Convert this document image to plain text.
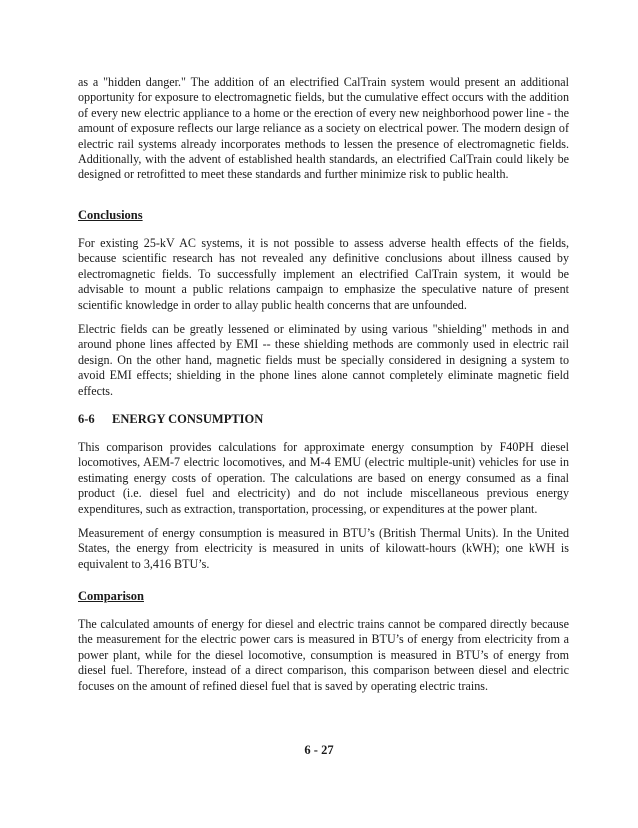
as a "hidden danger." The addition of an electrified CalTrain system would present an additional opportunity for exposure to electromagnetic fields, but the cumulative effect occurs with the addition of every new electric appliance to a home or the erection of every new neighborhood power line - the amount of exposure reflects our large reliance as a society on electrical power. The modern design of electric rail systems already incorporates methods to lessen the presence of electromagnetic fields. Additionally, with the advent of established health standards, an electrified CalTrain could likely be designed or retrofitted to meet these standards and further minimize risk to public health.

Conclusions

For existing 25-kV AC systems, it is not possible to assess adverse health effects of the fields, because scientific research has not revealed any definitive conclusions about illness caused by electromagnetic fields. To successfully implement an electrified CalTrain system, it would be advisable to mount a public relations campaign to emphasize the speculative nature of present scientific knowledge in order to allay public health concerns that are unfounded.

Electric fields can be greatly lessened or eliminated by using various "shielding" methods in and around phone lines affected by EMI -- these shielding methods are commonly used in electric rail design. On the other hand, magnetic fields must be specially considered in designing a system to avoid EMI effects; shielding in the phone lines alone cannot completely eliminate magnetic field effects.

6-6 ENERGY CONSUMPTION

This comparison provides calculations for approximate energy consumption by F40PH diesel locomotives, AEM-7 electric locomotives, and M-4 EMU (electric multiple-unit) vehicles for use in estimating energy costs of operation. The calculations are based on energy consumed as a final product (i.e. diesel fuel and electricity) and do not include miscellaneous previous energy expenditures, such as extraction, transportation, processing, or expenditures at the power plant.

Measurement of energy consumption is measured in BTU’s (British Thermal Units). In the United States, the energy from electricity is measured in units of kilowatt-hours (kWH); one kWH is equivalent to 3,416 BTU’s.

Comparison

The calculated amounts of energy for diesel and electric trains cannot be compared directly because the measurement for the electric power cars is measured in BTU’s of energy from electricity from a power plant, while for the diesel locomotive, consumption is measured in BTU’s of energy from diesel fuel. Therefore, instead of a direct comparison, this comparison between diesel and electric focuses on the amount of refined diesel fuel that is saved by operating electric trains.

6 - 27
